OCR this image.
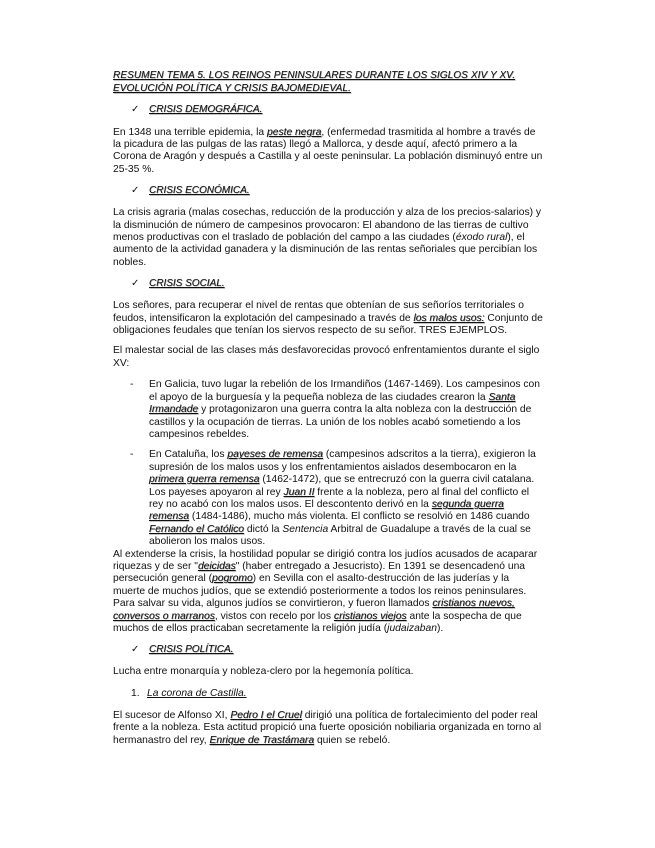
RESUMEN TEMA 5. LOS REINOS PENINSULARES DURANTE LOS SIGLOS XIV Y XV. EVOLUCIÓN POLÍTICA Y CRISIS BAJOMEDIEVAL.
✓ CRISIS DEMOGRÁFICA.

En 1348 una terrible epidemia, la peste negra, (enfermedad trasmitida al hombre a través de la picadura de las pulgas de las ratas) llegó a Mallorca, y desde aquí, afectó primero a la Corona de Aragón y después a Castilla y al oeste peninsular. La población disminuyó entre un 25-35 %.

✓ CRISIS ECONÓMICA.

La crisis agraria (malas cosechas, reducción de la producción y alza de los precios-salarios) y la disminución de número de campesinos provocaron: El abandono de las tierras de cultivo menos productivas con el traslado de población del campo a las ciudades (éxodo rural), el aumento de la actividad ganadera y la disminución de las rentas señoriales que percibían los nobles.

✓ CRISIS SOCIAL.

Los señores, para recuperar el nivel de rentas que obtenían de sus señoríos territoriales o feudos, intensificaron la explotación del campesinado a través de los malos usos: Conjunto de obligaciones feudales que tenían los siervos respecto de su señor. TRES EJEMPLOS.

El malestar social de las clases más desfavorecidas provocó enfrentamientos durante el siglo XV:

- En Galicia, tuvo lugar la rebelión de los Irmandiños (1467-1469). Los campesinos con el apoyo de la burguesía y la pequeña nobleza de las ciudades crearon la Santa Irmandade y protagonizaron una guerra contra la alta nobleza con la destrucción de castillos y la ocupación de tierras. La unión de los nobles acabó sometiendo a los campesinos rebeldes.
- En Cataluña, los payeses de remensa (campesinos adscritos a la tierra), exigieron la supresión de los malos usos y los enfrentamientos aislados desembocaron en la primera guerra remensa (1462-1472), que se entrecruzó con la guerra civil catalana. Los payeses apoyaron al rey Juan II frente a la nobleza, pero al final del conflicto el rey no acabó con los malos usos. El descontento derivó en la segunda guerra remensa (1484-1486), mucho más violenta. El conflicto se resolvió en 1486 cuando Fernando el Católico dictó la Sentencia Arbitral de Guadalupe a través de la cual se abolieron los malos usos.

Al extenderse la crisis, la hostilidad popular se dirigió contra los judíos acusados de acaparar riquezas y de ser "deicidas" (haber entregado a Jesucristo). En 1391 se desencadenó una persecución general (pogromo) en Sevilla con el asalto-destrucción de las juderías y la muerte de muchos judíos, que se extendió posteriormente a todos los reinos peninsulares. Para salvar su vida, algunos judíos se convirtieron, y fueron llamados cristianos nuevos, conversos o marranos, vistos con recelo por los cristianos viejos ante la sospecha de que muchos de ellos practicaban secretamente la religión judía (judaizaban).

✓ CRISIS POLÍTICA.

Lucha entre monarquía y nobleza-clero por la hegemonía política.

1. La corona de Castilla.

El sucesor de Alfonso XI, Pedro I el Cruel dirigió una política de fortalecimiento del poder real frente a la nobleza. Esta actitud propició una fuerte oposición nobiliaria organizada en torno al hermanastro del rey, Enrique de Trastámara quien se rebeló.
